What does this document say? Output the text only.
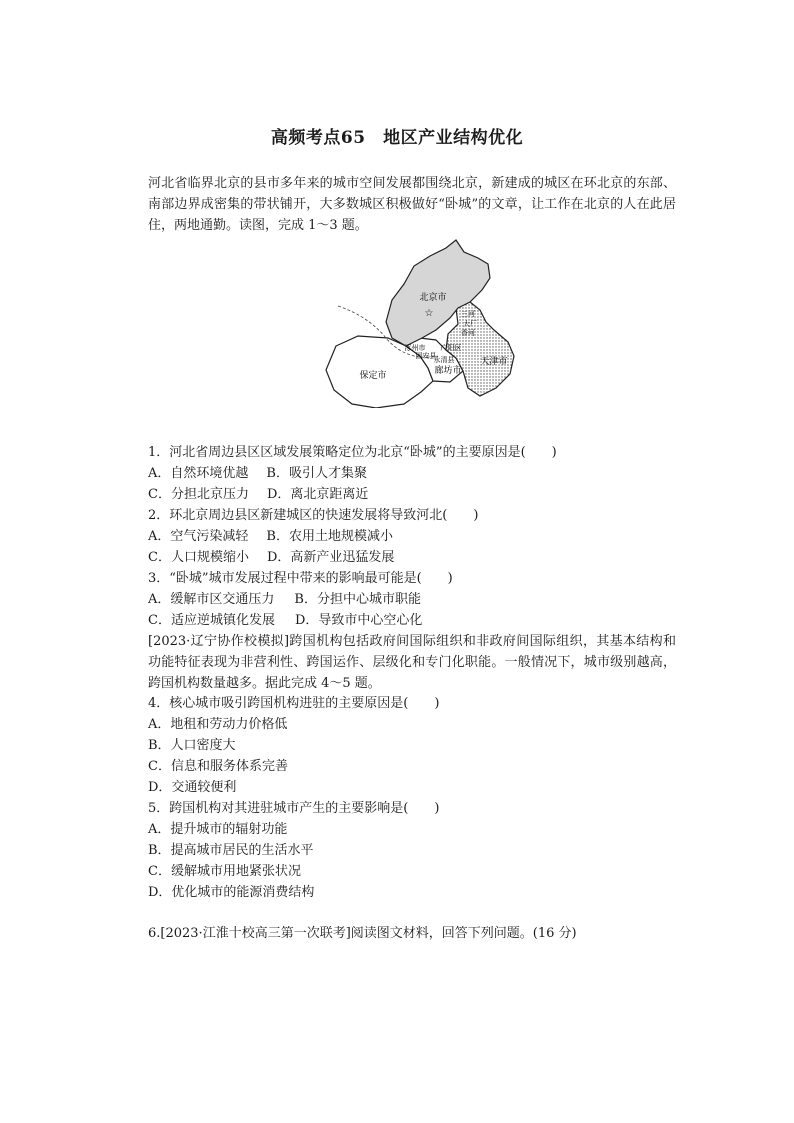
高频考点65　地区产业结构优化
河北省临界北京的县市多年来的城市空间发展都围绕北京，新建成的城区在环北京的东部、南部边界成密集的带状铺开，大多数城区积极做好“卧城”的文章，让工作在北京的人在此居住，两地通勤。读图，完成 1～3 题。
☆
北京市
天津市
保定市	廊坊市
涿州市
固安县
永清县
三河
大厂
香河
广阳区
1．河北省周边县区区域发展策略定位为北京“卧城”的主要原因是(　　)
A．自然环境优越 B．吸引人才集聚
C．分担北京压力 D．离北京距离近
2．环北京周边县区新建城区的快速发展将导致河北(　　)
A．空气污染减轻 B．农用土地规模减小
C．人口规模缩小 D．高新产业迅猛发展
3．“卧城”城市发展过程中带来的影响最可能是(　　)
A．缓解市区交通压力 B．分担中心城市职能
C．适应逆城镇化发展 D．导致市中心空心化
[2023·辽宁协作校模拟]跨国机构包括政府间国际组织和非政府间国际组织，其基本结构和功能特征表现为非营利性、跨国运作、层级化和专门化职能。一般情况下，城市级别越高，跨国机构数量越多。据此完成 4～5 题。
4．核心城市吸引跨国机构进驻的主要原因是(　　)
A．地租和劳动力价格低
B．人口密度大
C．信息和服务体系完善
D．交通较便利
5．跨国机构对其进驻城市产生的主要影响是(　　)
A．提升城市的辐射功能
B．提高城市居民的生活水平
C．缓解城市用地紧张状况
D．优化城市的能源消费结构
6.[2023·江淮十校高三第一次联考]阅读图文材料，回答下列问题。(16 分)
